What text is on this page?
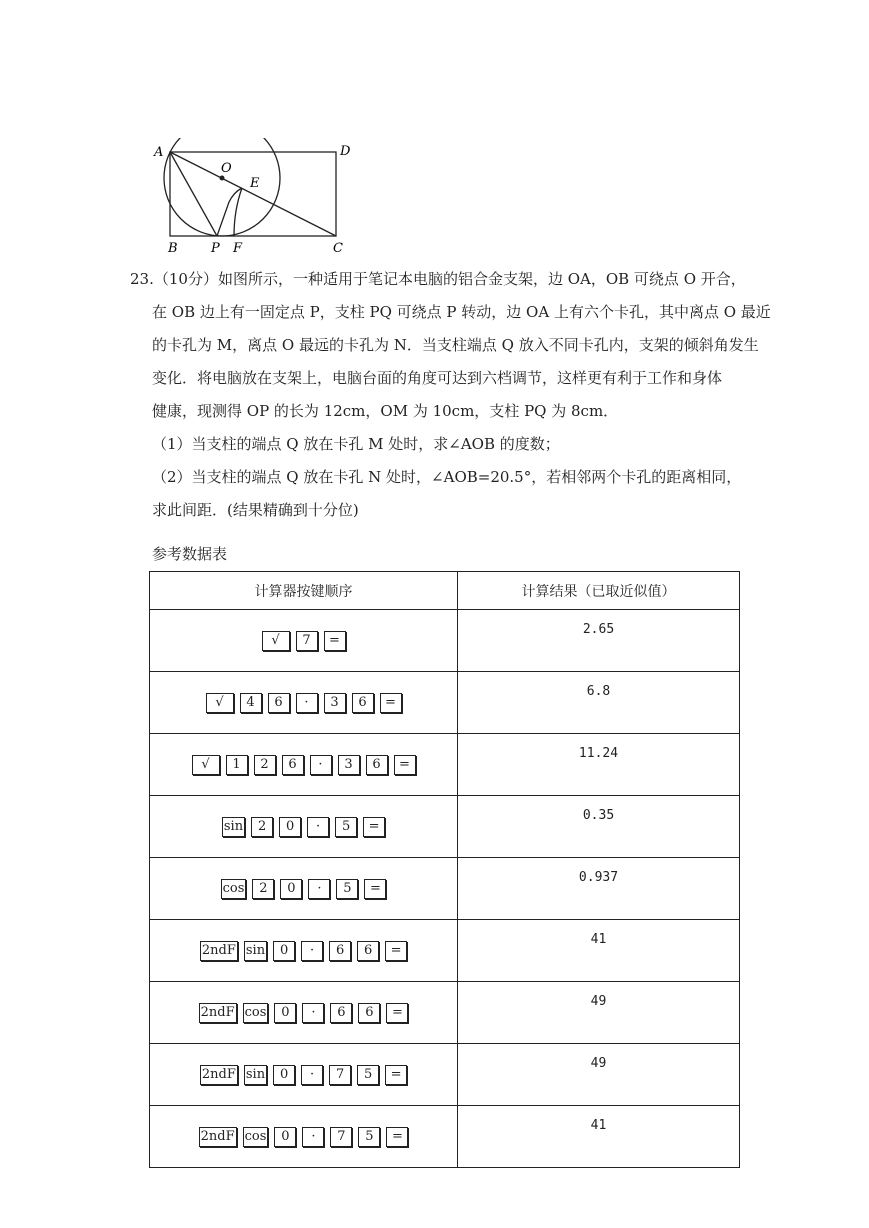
A	D
O
E
B	P F	C
23.（10分）如图所示，一种适用于笔记本电脑的铝合金支架，边 OA，OB 可绕点 O 开合，
在 OB 边上有一固定点 P，支柱 PQ 可绕点 P 转动，边 OA 上有六个卡孔，其中离点 O 最近
的卡孔为 M，离点 O 最远的卡孔为 N．当支柱端点 Q 放入不同卡孔内，支架的倾斜角发生
变化．将电脑放在支架上，电脑台面的角度可达到六档调节，这样更有利于工作和身体
健康，现测得 OP 的长为 12cm，OM 为 10cm，支柱 PQ 为 8cm．
（1）当支柱的端点 Q 放在卡孔 M 处时，求∠AOB 的度数；
（2）当支柱的端点 Q 放在卡孔 N 处时，∠AOB=20.5°，若相邻两个卡孔的距离相同，
求此间距．(结果精确到十分位)
参考数据表
计算器按键顺序	计算结果（已取近似值）
√ 7 =	2.65
√ 4 6 · 3 6 =	6.8
√ 1 2 6 · 3 6 =	11.24
sin 2 0 · 5 =	0.35
cos 2 0 · 5 =	0.937
2ndF sin 0 · 6 6 =	41
2ndF cos 0 · 6 6 =	49
2ndF sin 0 · 7 5 =	49
2ndF cos 0 · 7 5 =	41
